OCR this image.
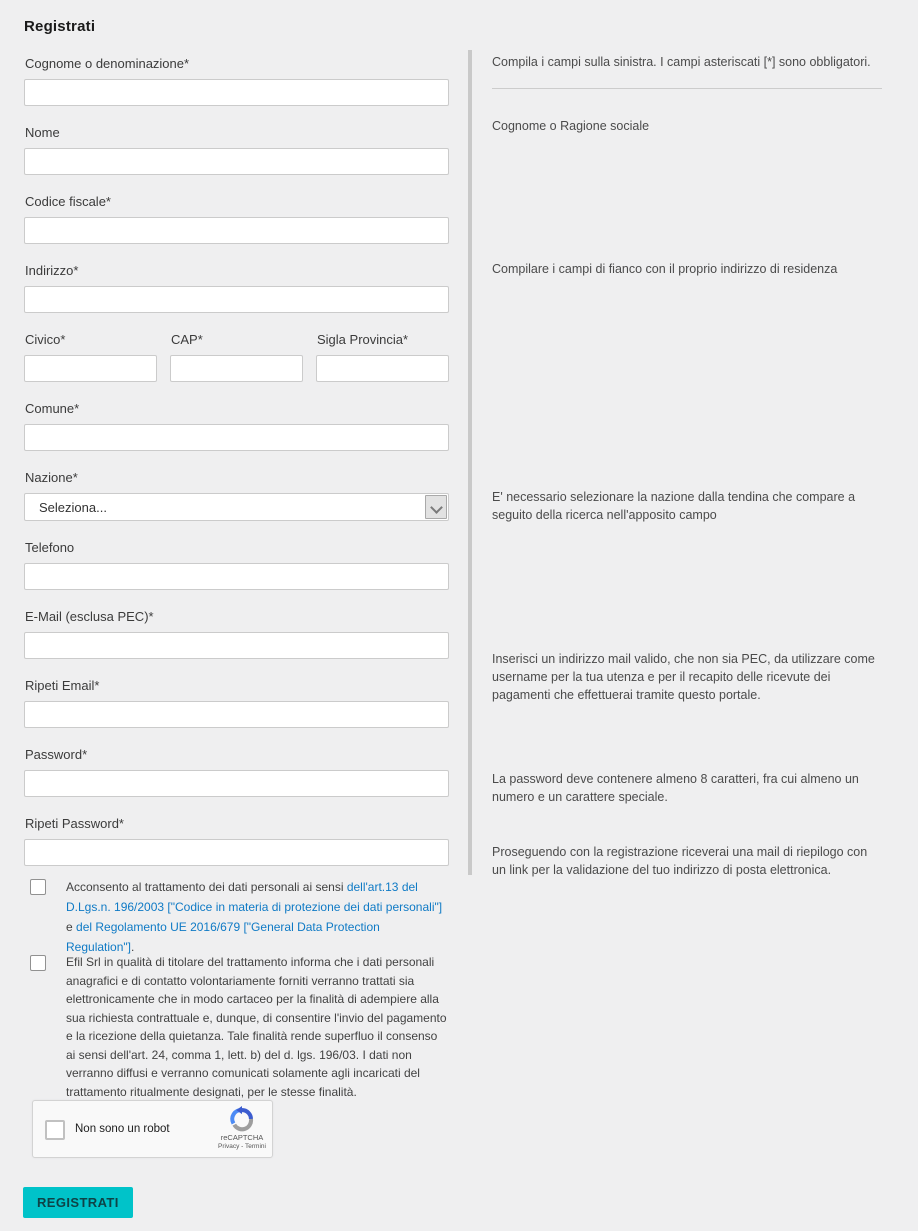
Registrati
Cognome o denominazione*
Nome
Codice fiscale*
Indirizzo*
Civico*	CAP*	Sigla Provincia*
Comune*
Nazione*
Seleziona...
Telefono
E-Mail (esclusa PEC)*
Ripeti Email*
Password*
Ripeti Password*

Acconsento al trattamento dei dati personali ai sensi dell'art.13 del D.Lgs.n. 196/2003 ["Codice in materia di protezione dei dati personali"] e del Regolamento UE 2016/679 ["General Data Protection Regulation"].

Efil Srl in qualità di titolare del trattamento informa che i dati personali anagrafici e di contatto volontariamente forniti verranno trattati sia elettronicamente che in modo cartaceo per la finalità di adempiere alla sua richiesta contrattuale e, dunque, di consentire l'invio del pagamento e la ricezione della quietanza. Tale finalità rende superfluo il consenso ai sensi dell'art. 24, comma 1, lett. b) del d. lgs. 196/03. I dati non verranno diffusi e verranno comunicati solamente agli incaricati del trattamento ritualmente designati, per le stesse finalità.

Non sono un robot
reCAPTCHA
Privacy - Termini
REGISTRATI
Compila i campi sulla sinistra. I campi asteriscati [*] sono obbligatori.
Cognome o Ragione sociale
Compilare i campi di fianco con il proprio indirizzo di residenza
E' necessario selezionare la nazione dalla tendina che compare a seguito della ricerca nell'apposito campo
Inserisci un indirizzo mail valido, che non sia PEC, da utilizzare come username per la tua utenza e per il recapito delle ricevute dei pagamenti che effettuerai tramite questo portale.
La password deve contenere almeno 8 caratteri, fra cui almeno un numero e un carattere speciale.
Proseguendo con la registrazione riceverai una mail di riepilogo con un link per la validazione del tuo indirizzo di posta elettronica.
